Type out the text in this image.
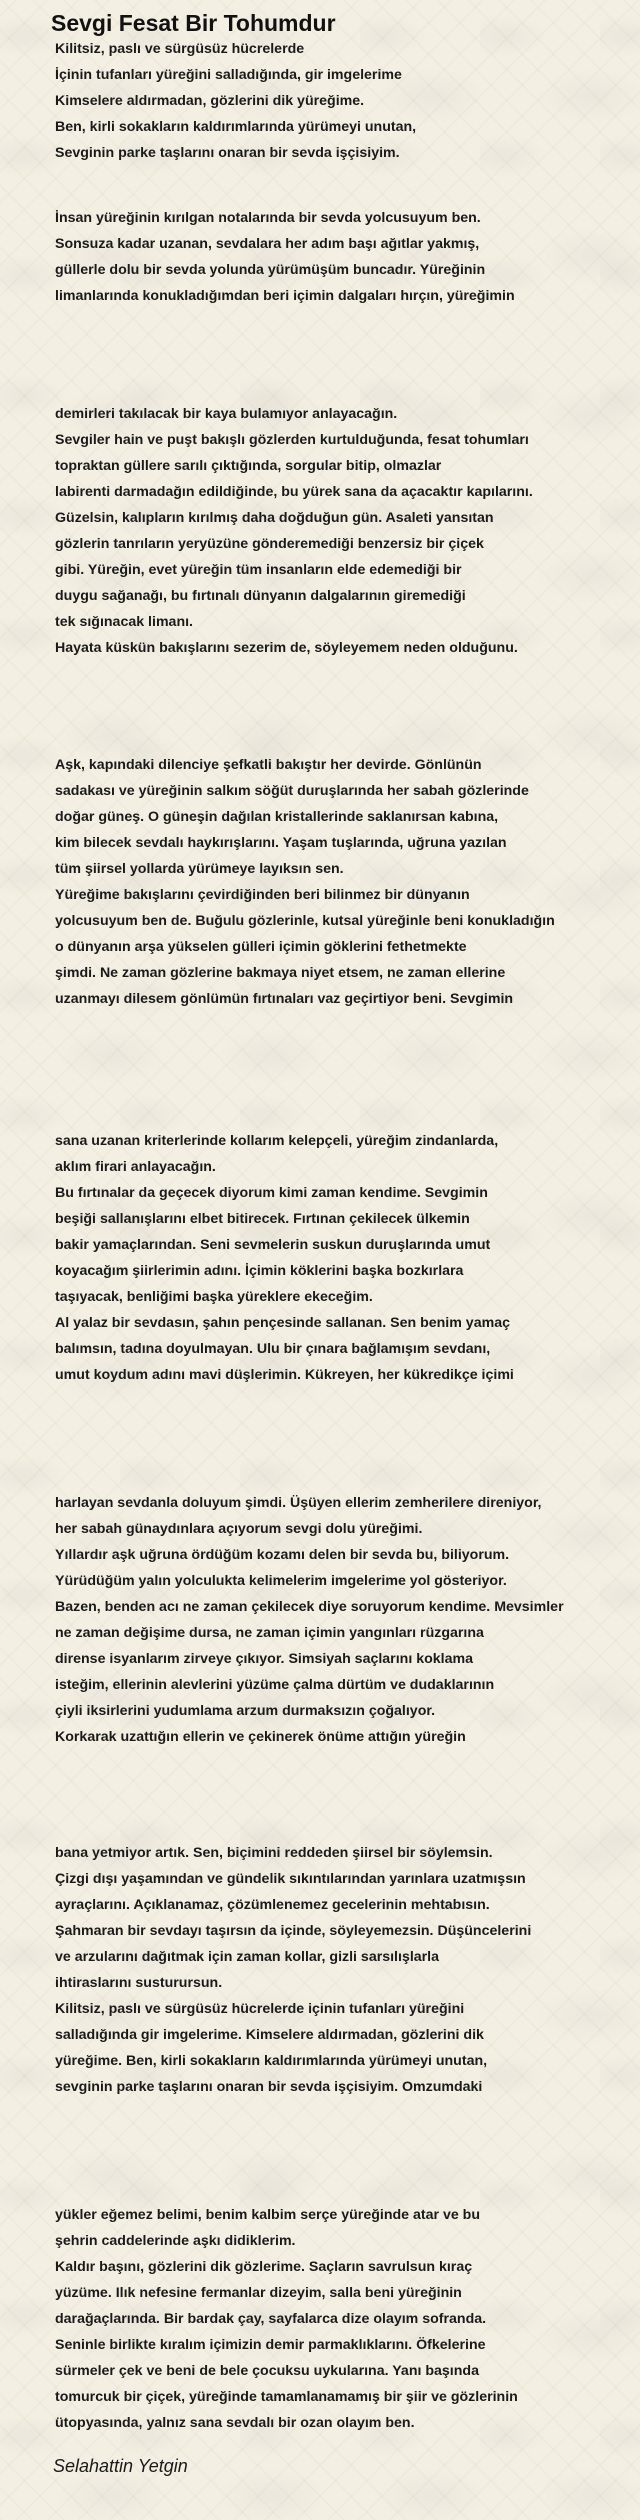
Sevgi Fesat Bir Tohumdur
Kilitsiz, paslı ve sürgüsüz hücrelerde
İçinin tufanları yüreğini salladığında, gir imgelerime
Kimselere aldırmadan, gözlerini dik yüreğime.
Ben, kirli sokakların kaldırımlarında yürümeyi unutan,
Sevginin parke taşlarını onaran bir sevda işçisiyim.
İnsan yüreğinin kırılgan notalarında bir sevda yolcusuyum ben.
Sonsuza kadar uzanan, sevdalara her adım başı ağıtlar yakmış,
güllerle dolu bir sevda yolunda yürümüşüm buncadır. Yüreğinin
limanlarında konukladığımdan beri içimin dalgaları hırçın, yüreğimin
demirleri takılacak bir kaya bulamıyor anlayacağın.
Sevgiler hain ve puşt bakışlı gözlerden kurtulduğunda, fesat tohumları
topraktan güllere sarılı çıktığında, sorgular bitip, olmazlar
labirenti darmadağın edildiğinde, bu yürek sana da açacaktır kapılarını.
Güzelsin, kalıpların kırılmış daha doğduğun gün. Asaleti yansıtan
gözlerin tanrıların yeryüzüne gönderemediği benzersiz bir çiçek
gibi. Yüreğin, evet yüreğin tüm insanların elde edemediği bir
duygu sağanağı, bu fırtınalı dünyanın dalgalarının giremediği
tek sığınacak limanı.
Hayata küskün bakışlarını sezerim de, söyleyemem neden olduğunu.
Aşk, kapındaki dilenciye şefkatli bakıştır her devirde. Gönlünün
sadakası ve yüreğinin salkım söğüt duruşlarında her sabah gözlerinde
doğar güneş. O güneşin dağılan kristallerinde saklanırsan kabına,
kim bilecek sevdalı haykırışlarını. Yaşam tuşlarında, uğruna yazılan
tüm şiirsel yollarda yürümeye layıksın sen.
Yüreğime bakışlarını çevirdiğinden beri bilinmez bir dünyanın
yolcusuyum ben de. Buğulu gözlerinle, kutsal yüreğinle beni konukladığın
o dünyanın arşa yükselen gülleri içimin göklerini fethetmekte
şimdi. Ne zaman gözlerine bakmaya niyet etsem, ne zaman ellerine
uzanmayı dilesem gönlümün fırtınaları vaz geçirtiyor beni. Sevgimin
sana uzanan kriterlerinde kollarım kelepçeli, yüreğim zindanlarda,
aklım firari anlayacağın.
Bu fırtınalar da geçecek diyorum kimi zaman kendime. Sevgimin
beşiği sallanışlarını elbet bitirecek. Fırtınan çekilecek ülkemin
bakir yamaçlarından. Seni sevmelerin suskun duruşlarında umut
koyacağım şiirlerimin adını. İçimin köklerini başka bozkırlara
taşıyacak, benliğimi başka yüreklere ekeceğim.
Al yalaz bir sevdasın, şahın pençesinde sallanan. Sen benim yamaç
balımsın, tadına doyulmayan. Ulu bir çınara bağlamışım sevdanı,
umut koydum adını mavi düşlerimin. Kükreyen, her kükredikçe içimi
harlayan sevdanla doluyum şimdi. Üşüyen ellerim zemherilere direniyor,
her sabah günaydınlara açıyorum sevgi dolu yüreğimi.
Yıllardır aşk uğruna ördüğüm kozamı delen bir sevda bu, biliyorum.
Yürüdüğüm yalın yolculukta kelimelerim imgelerime yol gösteriyor.
Bazen, benden acı ne zaman çekilecek diye soruyorum kendime. Mevsimler
ne zaman değişime dursa, ne zaman içimin yangınları rüzgarına
dirense isyanlarım zirveye çıkıyor. Simsiyah saçlarını koklama
isteğim, ellerinin alevlerini yüzüme çalma dürtüm ve dudaklarının
çiyli iksirlerini yudumlama arzum durmaksızın çoğalıyor.
Korkarak uzattığın ellerin ve çekinerek önüme attığın yüreğin
bana yetmiyor artık. Sen, biçimini reddeden şiirsel bir söylemsin.
Çizgi dışı yaşamından ve gündelik sıkıntılarından yarınlara uzatmışsın
ayraçlarını. Açıklanamaz, çözümlenemez gecelerinin mehtabısın.
Şahmaran bir sevdayı taşırsın da içinde, söyleyemezsin. Düşüncelerini
ve arzularını dağıtmak için zaman kollar, gizli sarsılışlarla
ihtiraslarını susturursun.
Kilitsiz, paslı ve sürgüsüz hücrelerde içinin tufanları yüreğini
salladığında gir imgelerime. Kimselere aldırmadan, gözlerini dik
yüreğime. Ben, kirli sokakların kaldırımlarında yürümeyi unutan,
sevginin parke taşlarını onaran bir sevda işçisiyim. Omzumdaki
yükler eğemez belimi, benim kalbim serçe yüreğinde atar ve bu
şehrin caddelerinde aşkı didiklerim.
Kaldır başını, gözlerini dik gözlerime. Saçların savrulsun kıraç
yüzüme. Ilık nefesine fermanlar dizeyim, salla beni yüreğinin
darağaçlarında. Bir bardak çay, sayfalarca dize olayım sofranda.
Seninle birlikte kıralım içimizin demir parmaklıklarını. Öfkelerine
sürmeler çek ve beni de bele çocuksu uykularına. Yanı başında
tomurcuk bir çiçek, yüreğinde tamamlanamamış bir şiir ve gözlerinin
ütopyasında, yalnız sana sevdalı bir ozan olayım ben.

Selahattin Yetgin
